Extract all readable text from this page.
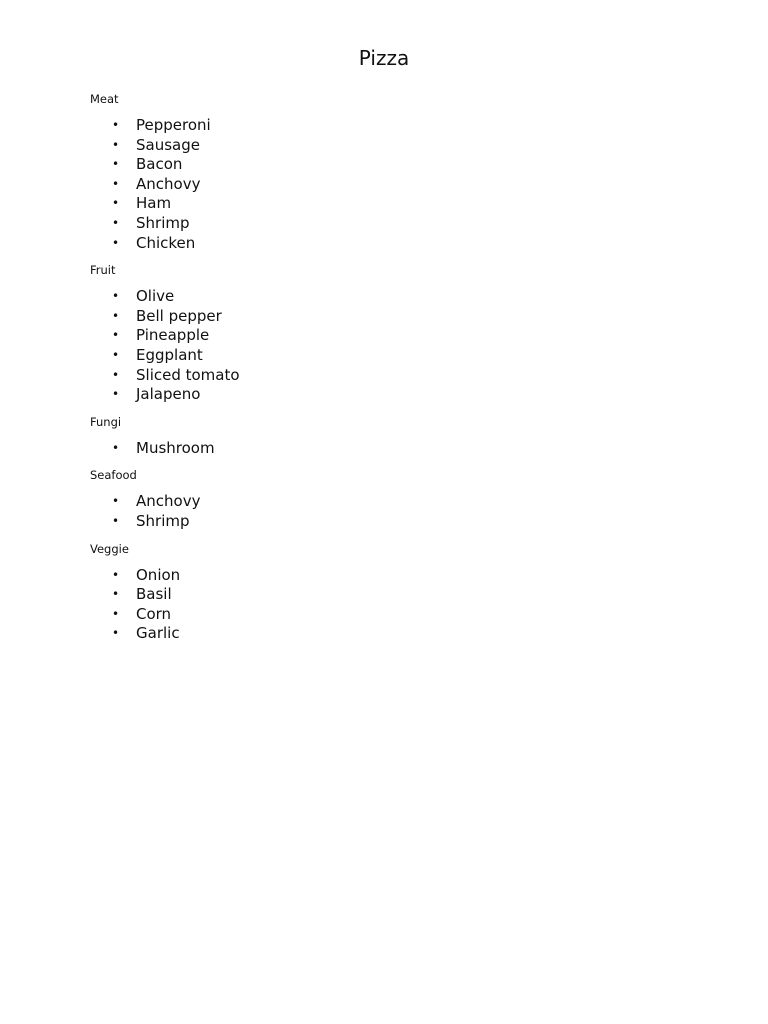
Pizza
Meat
• Pepperoni
• Sausage
• Bacon
• Anchovy
• Ham
• Shrimp
• Chicken
Fruit
• Olive
• Bell pepper
• Pineapple
• Eggplant
• Sliced tomato
• Jalapeno
Fungi
• Mushroom
Seafood
• Anchovy
• Shrimp
Veggie
• Onion
• Basil
• Corn
• Garlic
